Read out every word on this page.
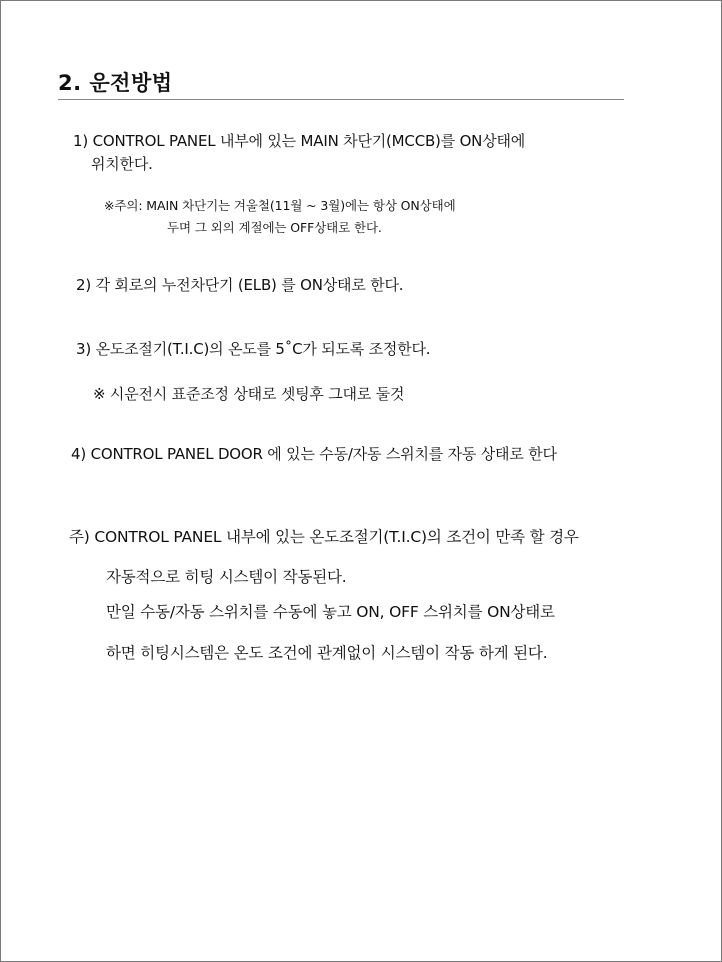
2. 운전방법
1) CONTROL PANEL 내부에 있는 MAIN 차단기(MCCB)를 ON상태에
위치한다.
※주의: MAIN 차단기는 겨울철(11월 ~ 3월)에는 항상 ON상태에
두며 그 외의 계절에는 OFF상태로 한다.
2) 각 회로의 누전차단기 (ELB) 를 ON상태로 한다.
3) 온도조절기(T.I.C)의 온도를 5˚C가 되도록 조정한다.
※ 시운전시 표준조정 상태로 셋팅후 그대로 둘것
4) CONTROL PANEL DOOR 에 있는 수동/자동 스위치를 자동 상태로 한다
주) CONTROL PANEL 내부에 있는 온도조절기(T.I.C)의 조건이 만족 할 경우
자동적으로 히팅 시스템이 작동된다.
만일 수동/자동 스위치를 수동에 놓고 ON, OFF 스위치를 ON상태로
하면 히팅시스템은 온도 조건에 관계없이 시스템이 작동 하게 된다.
